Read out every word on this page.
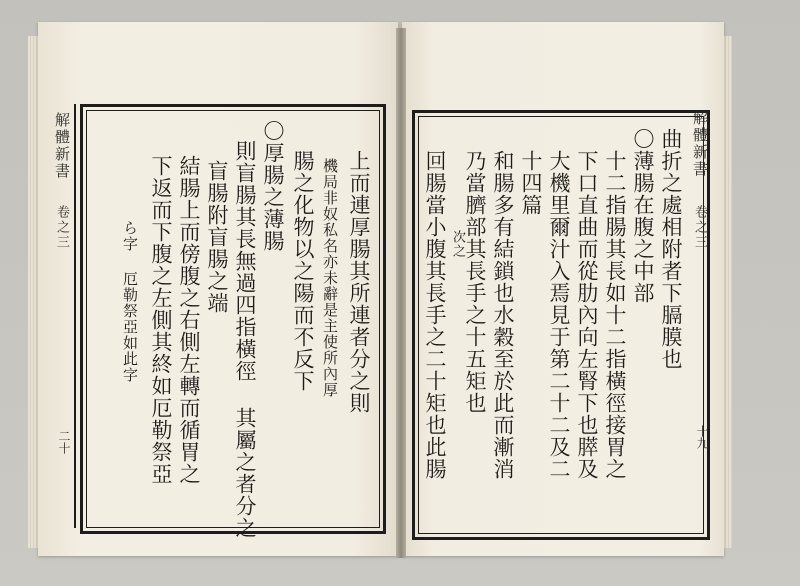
解體新書
卷之三
二十
上而連厚腸其所連者分之則
機局非奴私名亦未辭是主使所內厚
腸之化物以之陽而不反下
〇厚腸之薄腸
則盲腸其長無過四指橫徑 其屬之者分之
盲腸附盲腸之端
結腸上而傍腹之右側左轉而循胃之
下返而下腹之左側其終如厄勒祭亞
ら字 厄勒祭亞如此字
解體新書
卷之三
十九
曲折之處相附者下膈膜也
〇薄腸在腹之中部
十二指腸其長如十二指橫徑接胃之
下口直曲而從肋內向左腎下也膵及
大機里爾汁入焉見于第二十二及二
十四篇
和腸多有結鎖也水穀至於此而漸消
乃當臍部其長手之十五矩也
次之
回腸當小腹其長手之二十矩也此腸
